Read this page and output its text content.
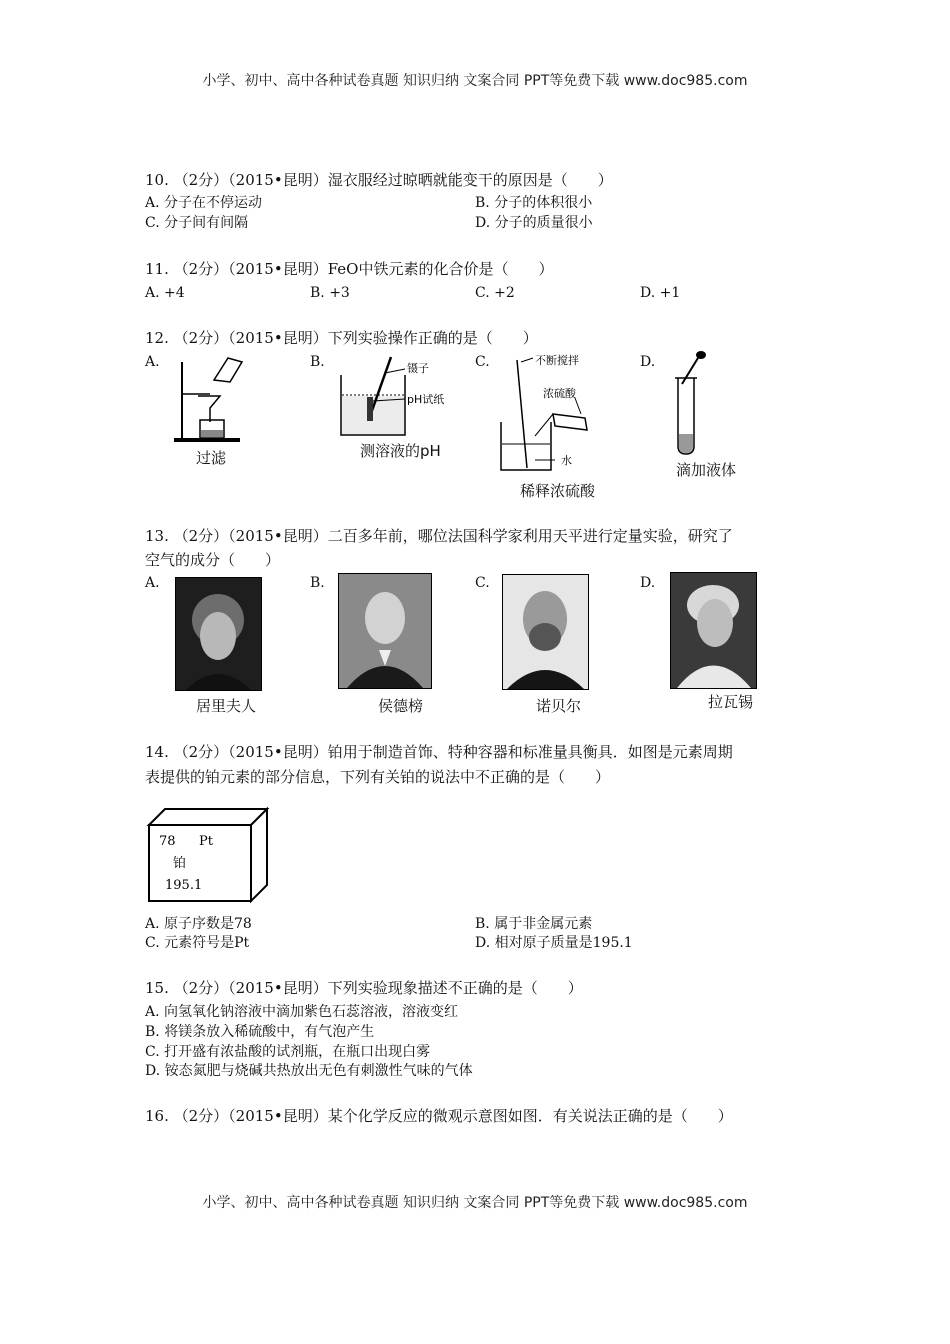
小学、初中、高中各种试卷真题 知识归纳 文案合同 PPT等免费下载 www.doc985.com
小学、初中、高中各种试卷真题 知识归纳 文案合同 PPT等免费下载 www.doc985.com
10. （2分）（2015•昆明）湿衣服经过晾晒就能变干的原因是（　　）
A. 分子在不停运动	B. 分子的体积很小
C. 分子间有间隔	D. 分子的质量很小
11. （2分）（2015•昆明）FeO中铁元素的化合价是（　　）
A. +4	B. +3	C. +2	D. +1
12. （2分）（2015•昆明）下列实验操作正确的是（　　）
A.	B.	C.	D.
过滤
镊子
pH试纸
测溶液的pH
不断搅拌
浓硫酸
水
稀释浓硫酸
滴加液体
13. （2分）（2015•昆明）二百多年前，哪位法国科学家利用天平进行定量实验，研究了
空气的成分（　　）
A.	B.	C.	D.
居里夫人	侯德榜	诺贝尔	拉瓦锡
14. （2分）（2015•昆明）铂用于制造首饰、特种容器和标准量具衡具．如图是元素周期
表提供的铂元素的部分信息，下列有关铂的说法中不正确的是（　　）
78 Pt
铂
195.1
A. 原子序数是78	B. 属于非金属元素
C. 元素符号是Pt	D. 相对原子质量是195.1
15. （2分）（2015•昆明）下列实验现象描述不正确的是（　　）
A. 向氢氧化钠溶液中滴加紫色石蕊溶液，溶液变红
B. 将镁条放入稀硫酸中，有气泡产生
C. 打开盛有浓盐酸的试剂瓶，在瓶口出现白雾
D. 铵态氮肥与烧碱共热放出无色有刺激性气味的气体
16. （2分）（2015•昆明）某个化学反应的微观示意图如图．有关说法正确的是（　　）
